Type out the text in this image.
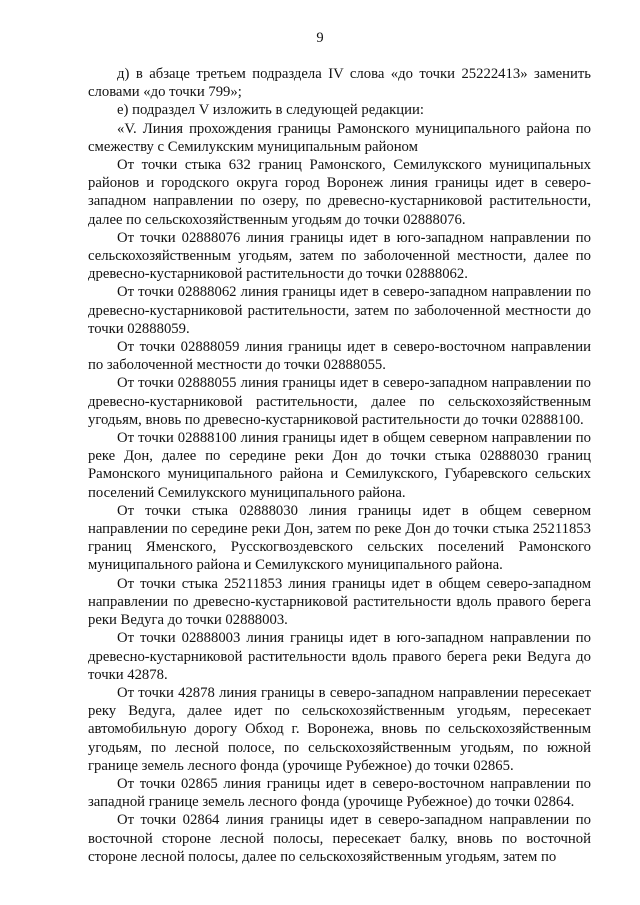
9

д) в абзаце третьем подраздела IV слова «до точки 25222413» заменить словами «до точки 799»;

е) подраздел V изложить в следующей редакции:

«V. Линия прохождения границы Рамонского муниципального района по смежеству с Семилукским муниципальным районом

От точки стыка 632 границ Рамонского, Семилукского муниципальных районов и городского округа город Воронеж линия границы идет в северо-западном направлении по озеру, по древесно-кустарниковой растительности, далее по сельскохозяйственным угодьям до точки 02888076.

От точки 02888076 линия границы идет в юго-западном направлении по сельскохозяйственным угодьям, затем по заболоченной местности, далее по древесно-кустарниковой растительности до точки 02888062.

От точки 02888062 линия границы идет в северо-западном направлении по древесно-кустарниковой растительности, затем по заболоченной местности до точки 02888059.

От точки 02888059 линия границы идет в северо-восточном направлении по заболоченной местности до точки 02888055.

От точки 02888055 линия границы идет в северо-западном направлении по древесно-кустарниковой растительности, далее по сельскохозяйственным угодьям, вновь по древесно-кустарниковой растительности до точки 02888100.

От точки 02888100 линия границы идет в общем северном направлении по реке Дон, далее по середине реки Дон до точки стыка 02888030 границ Рамонского муниципального района и Семилукского, Губаревского сельских поселений Семилукского муниципального района.

От точки стыка 02888030 линия границы идет в общем северном направлении по середине реки Дон, затем по реке Дон до точки стыка 25211853 границ Яменского, Русскогвоздевского сельских поселений Рамонского муниципального района и Семилукского муниципального района.

От точки стыка 25211853 линия границы идет в общем северо-западном направлении по древесно-кустарниковой растительности вдоль правого берега реки Ведуга до точки 02888003.

От точки 02888003 линия границы идет в юго-западном направлении по древесно-кустарниковой растительности вдоль правого берега реки Ведуга до точки 42878.

От точки 42878 линия границы в северо-западном направлении пересекает реку Ведуга, далее идет по сельскохозяйственным угодьям, пересекает автомобильную дорогу Обход г. Воронежа, вновь по сельскохозяйственным угодьям, по лесной полосе, по сельскохозяйственным угодьям, по южной границе земель лесного фонда (урочище Рубежное) до точки 02865.

От точки 02865 линия границы идет в северо-восточном направлении по западной границе земель лесного фонда (урочище Рубежное) до точки 02864.

От точки 02864 линия границы идет в северо-западном направлении по восточной стороне лесной полосы, пересекает балку, вновь по восточной стороне лесной полосы, далее по сельскохозяйственным угодьям, затем по
